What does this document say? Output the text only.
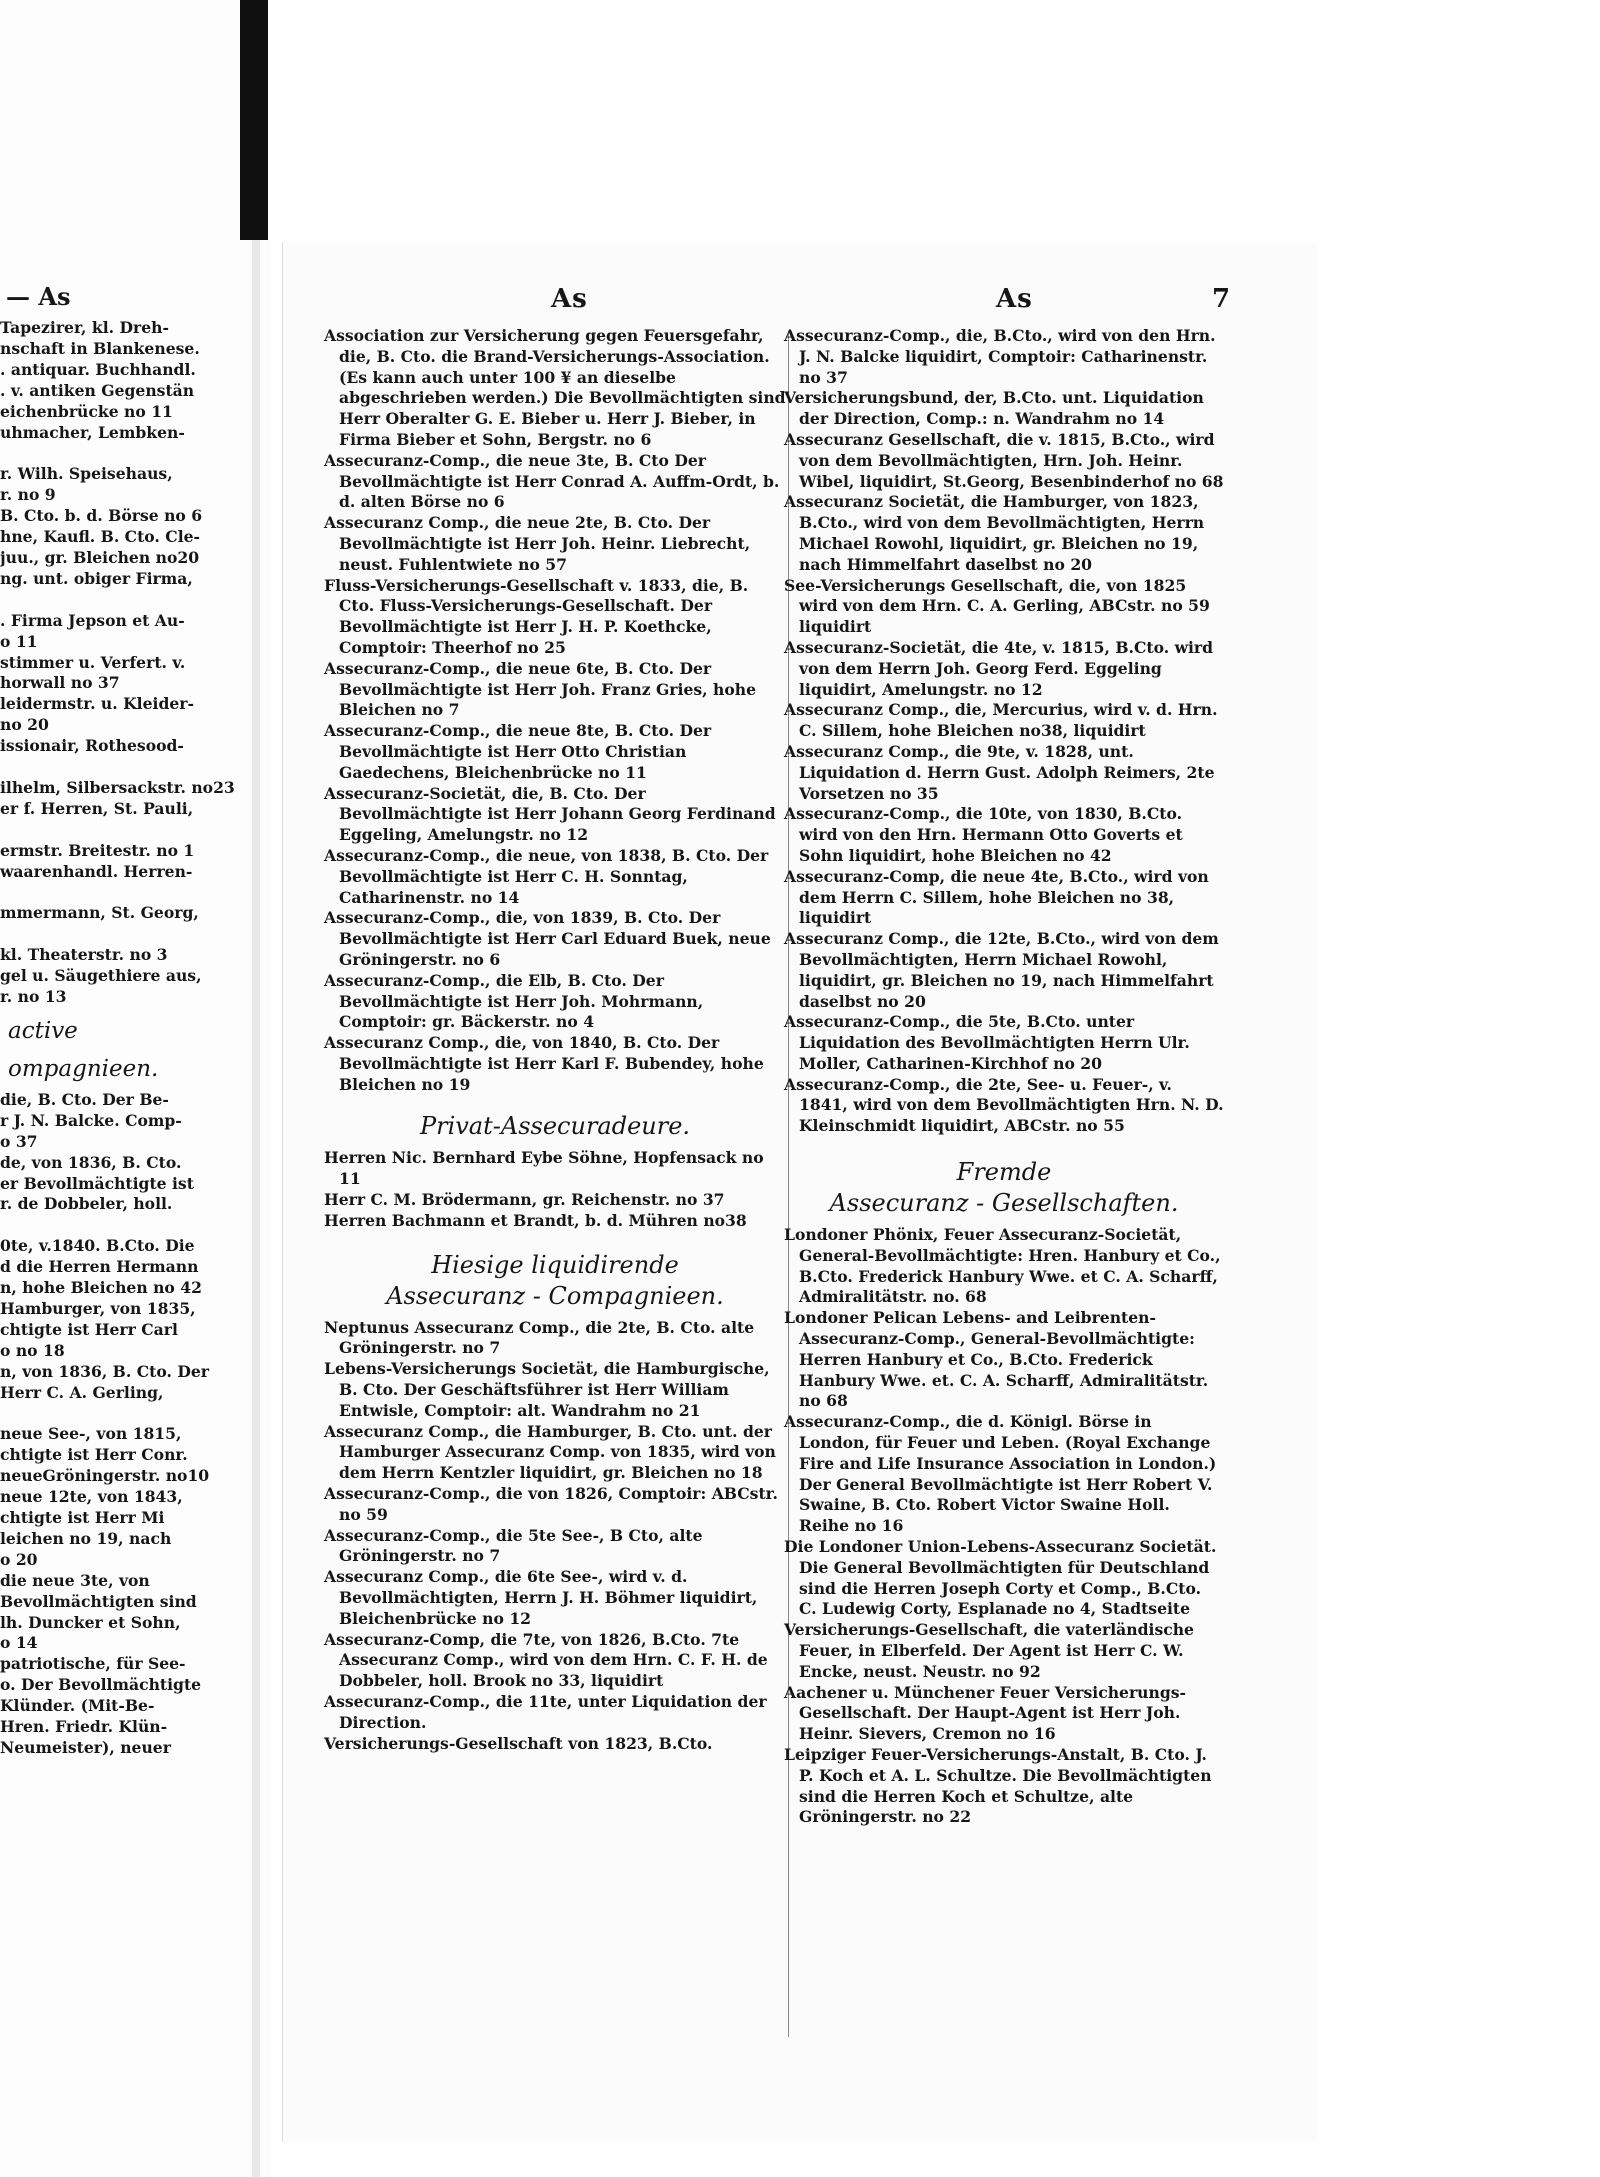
— As
Tapezirer, kl. Dreh-
nschaft in Blankenese.
. antiquar. Buchhandl.
. v. antiken Gegenstän
eichenbrücke no 11
uhmacher, Lembken-

r. Wilh. Speisehaus,
r. no 9
B. Cto. b. d. Börse no 6
hne, Kaufl. B. Cto. Cle-
juu., gr. Bleichen no20
ng. unt. obiger Firma,

. Firma Jepson et Au-
o 11
stimmer u. Verfert. v.
horwall no 37
leidermstr. u. Kleider-
no 20
issionair, Rothesood-

ilhelm, Silbersackstr. no23
er f. Herren, St. Pauli,

ermstr. Breitestr. no 1
waarenhandl. Herren-

mmermann, St. Georg,

kl. Theaterstr. no 3
gel u. Säugethiere aus,
r. no 13
active
ompagnieen.
die, B. Cto. Der Be-
r J. N. Balcke. Comp-
o 37
de, von 1836, B. Cto.
er Bevollmächtigte ist
r. de Dobbeler, holl.

0te, v.1840. B.Cto. Die
d die Herren Hermann
n, hohe Bleichen no 42
Hamburger, von 1835,
chtigte ist Herr Carl
o no 18
n, von 1836, B. Cto. Der
Herr C. A. Gerling,

neue See-, von 1815,
chtigte ist Herr Conr.
neueGröningerstr. no10
neue 12te, von 1843,
chtigte ist Herr Mi
leichen no 19, nach
o 20
die neue 3te, von
Bevollmächtigten sind
lh. Duncker et Sohn,
o 14
patriotische, für See-
o. Der Bevollmächtigte
Klünder. (Mit-Be-
Hren. Friedr. Klün-
Neumeister), neuer
As	As	7

Association zur Versicherung gegen Feuersgefahr, die, B. Cto. die Brand-Versicherungs-Association. (Es kann auch unter 100 ¥ an dieselbe abgeschrieben werden.) Die Bevollmächtigten sind Herr Oberalter G. E. Bieber u. Herr J. Bieber, in Firma Bieber et Sohn, Bergstr. no 6

Assecuranz-Comp., die neue 3te, B. Cto Der Bevollmächtigte ist Herr Conrad A. Auffm-Ordt, b. d. alten Börse no 6

Assecuranz Comp., die neue 2te, B. Cto. Der Bevollmächtigte ist Herr Joh. Heinr. Liebrecht, neust. Fuhlentwiete no 57

Fluss-Versicherungs-Gesellschaft v. 1833, die, B. Cto. Fluss-Versicherungs-Gesellschaft. Der Bevollmächtigte ist Herr J. H. P. Koethcke, Comptoir: Theerhof no 25

Assecuranz-Comp., die neue 6te, B. Cto. Der Bevollmächtigte ist Herr Joh. Franz Gries, hohe Bleichen no 7

Assecuranz-Comp., die neue 8te, B. Cto. Der Bevollmächtigte ist Herr Otto Christian Gaedechens, Bleichenbrücke no 11

Assecuranz-Societät, die, B. Cto. Der Bevollmächtigte ist Herr Johann Georg Ferdinand Eggeling, Amelungstr. no 12

Assecuranz-Comp., die neue, von 1838, B. Cto. Der Bevollmächtigte ist Herr C. H. Sonntag, Catharinenstr. no 14

Assecuranz-Comp., die, von 1839, B. Cto. Der Bevollmächtigte ist Herr Carl Eduard Buek, neue Gröningerstr. no 6

Assecuranz-Comp., die Elb, B. Cto. Der Bevollmächtigte ist Herr Joh. Mohrmann, Comptoir: gr. Bäckerstr. no 4

Assecuranz Comp., die, von 1840, B. Cto. Der Bevollmächtigte ist Herr Karl F. Bubendey, hohe Bleichen no 19

Privat-Assecuradeure.

Herren Nic. Bernhard Eybe Söhne, Hopfensack no 11

Herr C. M. Brödermann, gr. Reichenstr. no 37

Herren Bachmann et Brandt, b. d. Mühren no38

Hiesige liquidirende
Assecuranz - Compagnieen.

Neptunus Assecuranz Comp., die 2te, B. Cto. alte Gröningerstr. no 7

Lebens-Versicherungs Societät, die Hamburgische, B. Cto. Der Geschäftsführer ist Herr William Entwisle, Comptoir: alt. Wandrahm no 21

Assecuranz Comp., die Hamburger, B. Cto. unt. der Hamburger Assecuranz Comp. von 1835, wird von dem Herrn Kentzler liquidirt, gr. Bleichen no 18

Assecuranz-Comp., die von 1826, Comptoir: ABCstr. no 59

Assecuranz-Comp., die 5te See-, B Cto, alte Gröningerstr. no 7

Assecuranz Comp., die 6te See-, wird v. d. Bevollmächtigten, Herrn J. H. Böhmer liquidirt, Bleichenbrücke no 12

Assecuranz-Comp, die 7te, von 1826, B.Cto. 7te Assecuranz Comp., wird von dem Hrn. C. F. H. de Dobbeler, holl. Brook no 33, liquidirt

Assecuranz-Comp., die 11te, unter Liquidation der Direction.

Versicherungs-Gesellschaft von 1823, B.Cto.

Assecuranz-Comp., die, B.Cto., wird von den Hrn. J. N. Balcke liquidirt, Comptoir: Catharinenstr. no 37

Versicherungsbund, der, B.Cto. unt. Liquidation der Direction, Comp.: n. Wandrahm no 14

Assecuranz Gesellschaft, die v. 1815, B.Cto., wird von dem Bevollmächtigten, Hrn. Joh. Heinr. Wibel, liquidirt, St.Georg, Besenbinderhof no 68

Assecuranz Societät, die Hamburger, von 1823, B.Cto., wird von dem Bevollmächtigten, Herrn Michael Rowohl, liquidirt, gr. Bleichen no 19, nach Himmelfahrt daselbst no 20

See-Versicherungs Gesellschaft, die, von 1825 wird von dem Hrn. C. A. Gerling, ABCstr. no 59 liquidirt

Assecuranz-Societät, die 4te, v. 1815, B.Cto. wird von dem Herrn Joh. Georg Ferd. Eggeling liquidirt, Amelungstr. no 12

Assecuranz Comp., die, Mercurius, wird v. d. Hrn. C. Sillem, hohe Bleichen no38, liquidirt

Assecuranz Comp., die 9te, v. 1828, unt. Liquidation d. Herrn Gust. Adolph Reimers, 2te Vorsetzen no 35

Assecuranz-Comp., die 10te, von 1830, B.Cto. wird von den Hrn. Hermann Otto Goverts et Sohn liquidirt, hohe Bleichen no 42

Assecuranz-Comp, die neue 4te, B.Cto., wird von dem Herrn C. Sillem, hohe Bleichen no 38, liquidirt

Assecuranz Comp., die 12te, B.Cto., wird von dem Bevollmächtigten, Herrn Michael Rowohl, liquidirt, gr. Bleichen no 19, nach Himmelfahrt daselbst no 20

Assecuranz-Comp., die 5te, B.Cto. unter Liquidation des Bevollmächtigten Herrn Ulr. Moller, Catharinen-Kirchhof no 20

Assecuranz-Comp., die 2te, See- u. Feuer-, v. 1841, wird von dem Bevollmächtigten Hrn. N. D. Kleinschmidt liquidirt, ABCstr. no 55

Fremde
Assecuranz - Gesellschaften.

Londoner Phönix, Feuer Assecuranz-Societät, General-Bevollmächtigte: Hren. Hanbury et Co., B.Cto. Frederick Hanbury Wwe. et C. A. Scharff, Admiralitätstr. no. 68

Londoner Pelican Lebens- and Leibrenten-Assecuranz-Comp., General-Bevollmächtigte: Herren Hanbury et Co., B.Cto. Frederick Hanbury Wwe. et. C. A. Scharff, Admiralitätstr. no 68

Assecuranz-Comp., die d. Königl. Börse in London, für Feuer und Leben. (Royal Exchange Fire and Life Insurance Association in London.) Der General Bevollmächtigte ist Herr Robert V. Swaine, B. Cto. Robert Victor Swaine Holl. Reihe no 16

Die Londoner Union-Lebens-Assecuranz Societät. Die General Bevollmächtigten für Deutschland sind die Herren Joseph Corty et Comp., B.Cto. C. Ludewig Corty, Esplanade no 4, Stadtseite

Versicherungs-Gesellschaft, die vaterländische Feuer, in Elberfeld. Der Agent ist Herr C. W. Encke, neust. Neustr. no 92

Aachener u. Münchener Feuer Versicherungs-Gesellschaft. Der Haupt-Agent ist Herr Joh. Heinr. Sievers, Cremon no 16

Leipziger Feuer-Versicherungs-Anstalt, B. Cto. J. P. Koch et A. L. Schultze. Die Bevollmächtigten sind die Herren Koch et Schultze, alte Gröningerstr. no 22
